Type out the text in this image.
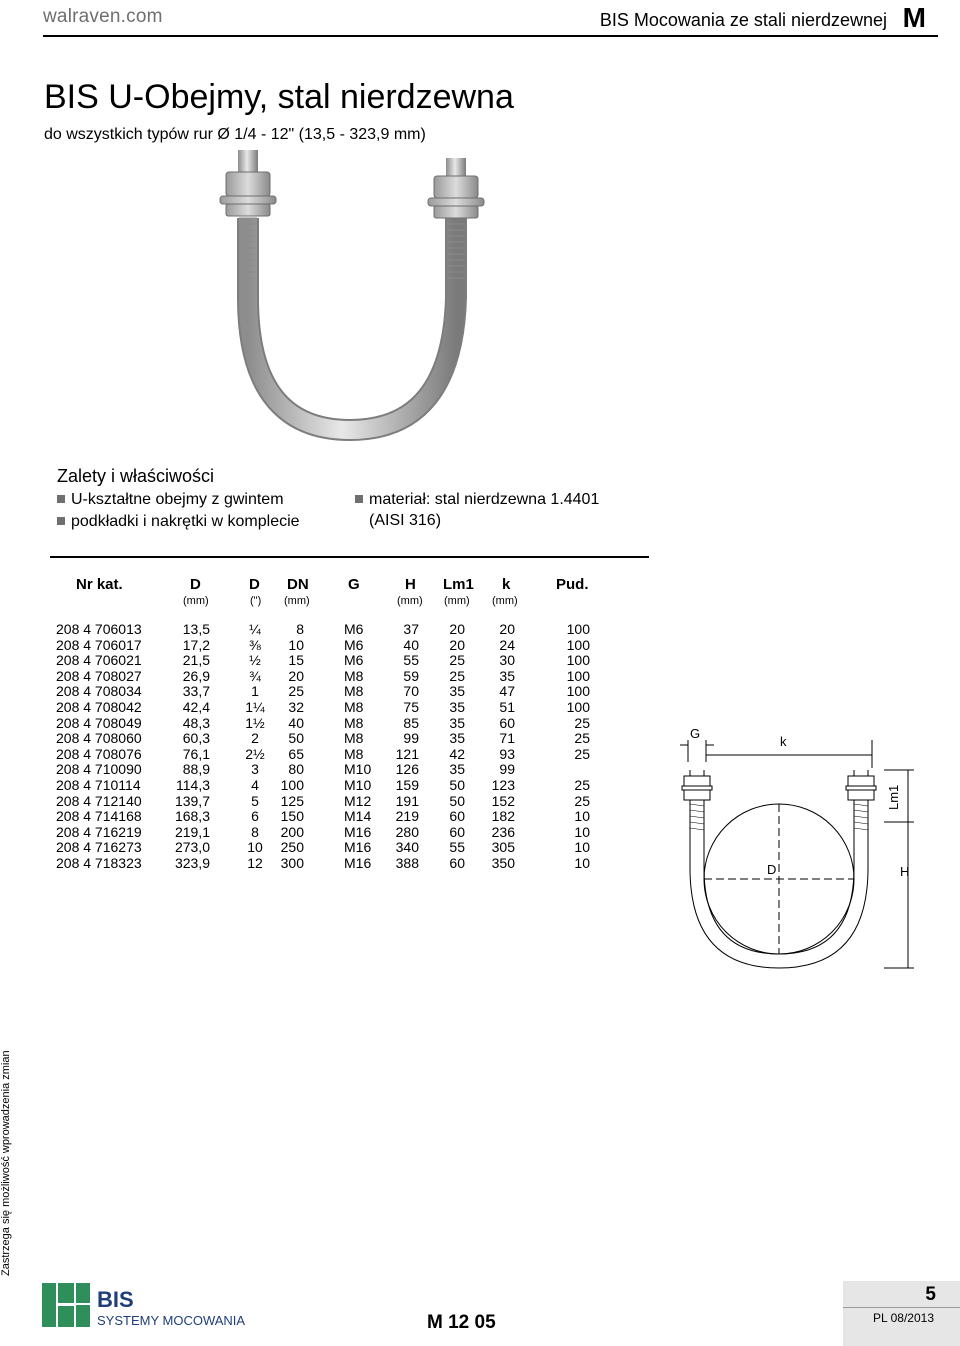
walraven.com	BIS Mocowania ze stali nierdzewnej M
BIS U-Obejmy, stal nierdzewna
do wszystkich typów rur Ø 1/4 - 12" (13,5 - 323,9 mm)
Zalety i właściwości
U-kształtne obejmy z gwintem
podkładki i nakrętki w komplecie
materiał: stal nierdzewna 1.4401
(AISI 316)
Nr kat.	D	D DN	G	H Lm1 k	Pud.
(mm)	(") (mm)	(mm) (mm) (mm)
208 4 706013	13,5	¼	8	M6	37 20 20	100
208 4 706017	17,2	⅜ 10	M6	40 20 24	100
208 4 706021	21,5	½ 15	M6	55 25 30	100
208 4 708027	26,9	¾ 20	M8	59 25 35	100
208 4 708034	33,7	1	25	M8	70 35 47	100
208 4 708042	42,4	1¼ 32	M8	75 35 51	100
208 4 708049	48,3	1½ 40	M8	85 35 60	25
208 4 708060	60,3	2	50	M8	99 35 71	25
208 4 708076	76,1	2½ 65	M8 121 42 93	25
208 4 710090	88,9	3	80	M10 126 35 99
208 4 710114	114,3	4	100	M10 159 50 123	25
208 4 712140 139,7	5	125	M12 191 50 152	25
208 4 714168 168,3	6	150	M14 219 60 182	10
208 4 716219 219,1	8	200	M16 280 60 236	10
208 4 716273 273,0	10 250	M16 340 55 305	10
208 4 718323 323,9	12 300	M16 388 60 350	10
G
k
Lm1
D	H
Zastrzega się możliwość wprowadzenia zmian
BIS
SYSTEMY MOCOWANIA	M 12 05
5
PL 08/2013
